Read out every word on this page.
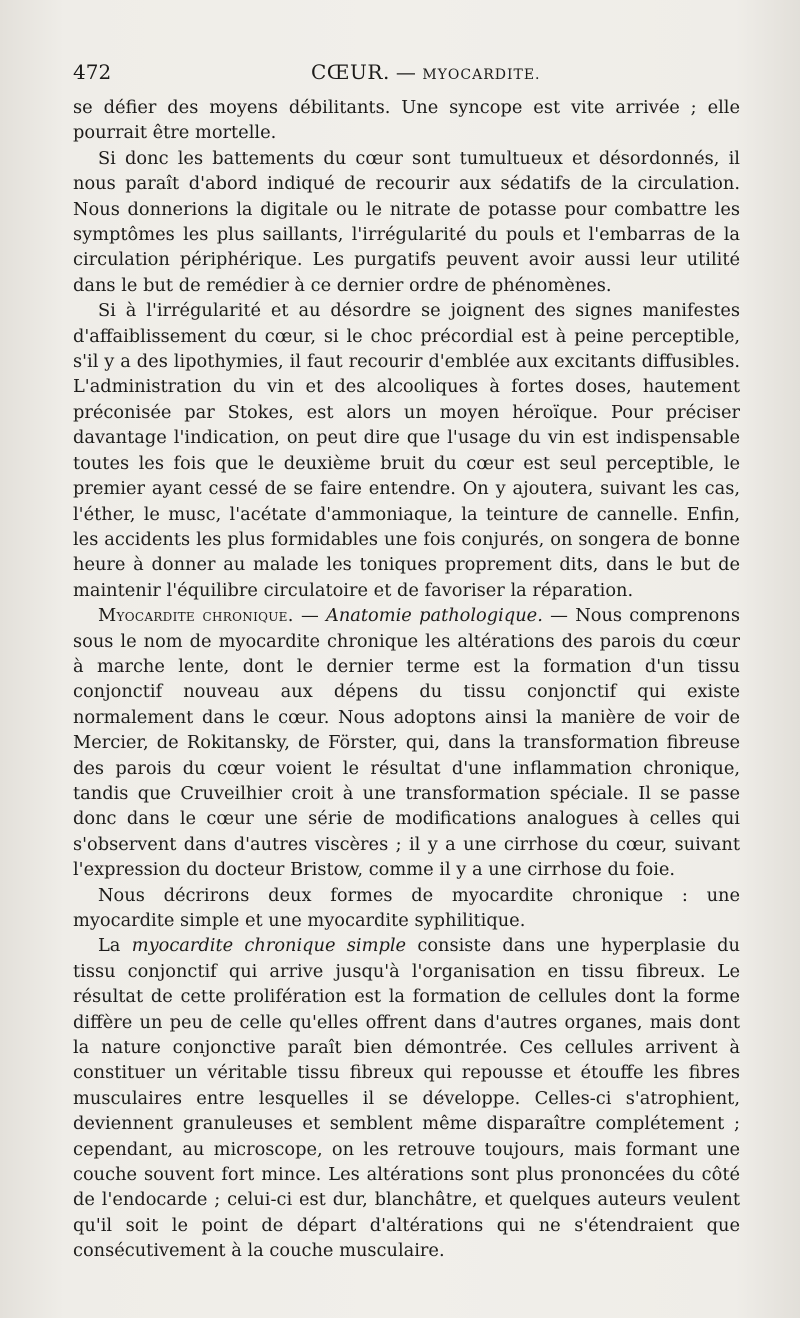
472	CŒUR. — MYOCARDITE.

se défier des moyens débilitants. Une syncope est vite arrivée ; elle pourrait être mortelle.

Si donc les battements du cœur sont tumultueux et désordonnés, il nous paraît d'abord indiqué de recourir aux sédatifs de la circulation. Nous donnerions la digitale ou le nitrate de potasse pour combattre les symptômes les plus saillants, l'irrégularité du pouls et l'embarras de la circulation périphérique. Les purgatifs peuvent avoir aussi leur utilité dans le but de remédier à ce dernier ordre de phénomènes.

Si à l'irrégularité et au désordre se joignent des signes manifestes d'affaiblissement du cœur, si le choc précordial est à peine perceptible, s'il y a des lipothymies, il faut recourir d'emblée aux excitants diffusibles. L'administration du vin et des alcooliques à fortes doses, hautement préconisée par Stokes, est alors un moyen héroïque. Pour préciser davantage l'indication, on peut dire que l'usage du vin est indispensable toutes les fois que le deuxième bruit du cœur est seul perceptible, le premier ayant cessé de se faire entendre. On y ajoutera, suivant les cas, l'éther, le musc, l'acétate d'ammoniaque, la teinture de cannelle. Enfin, les accidents les plus formidables une fois conjurés, on songera de bonne heure à donner au malade les toniques proprement dits, dans le but de maintenir l'équilibre circulatoire et de favoriser la réparation.

Myocardite chronique. — Anatomie pathologique. — Nous comprenons sous le nom de myocardite chronique les altérations des parois du cœur à marche lente, dont le dernier terme est la formation d'un tissu conjonctif nouveau aux dépens du tissu conjonctif qui existe normalement dans le cœur. Nous adoptons ainsi la manière de voir de Mercier, de Rokitansky, de Förster, qui, dans la transformation fibreuse des parois du cœur voient le résultat d'une inflammation chronique, tandis que Cruveilhier croit à une transformation spéciale. Il se passe donc dans le cœur une série de modifications analogues à celles qui s'observent dans d'autres viscères ; il y a une cirrhose du cœur, suivant l'expression du docteur Bristow, comme il y a une cirrhose du foie.

Nous décrirons deux formes de myocardite chronique : une myocardite simple et une myocardite syphilitique.

La myocardite chronique simple consiste dans une hyperplasie du tissu conjonctif qui arrive jusqu'à l'organisation en tissu fibreux. Le résultat de cette prolifération est la formation de cellules dont la forme diffère un peu de celle qu'elles offrent dans d'autres organes, mais dont la nature conjonctive paraît bien démontrée. Ces cellules arrivent à constituer un véritable tissu fibreux qui repousse et étouffe les fibres musculaires entre lesquelles il se développe. Celles-ci s'atrophient, deviennent granuleuses et semblent même disparaître complétement ; cependant, au microscope, on les retrouve toujours, mais formant une couche souvent fort mince. Les altérations sont plus prononcées du côté de l'endocarde ; celui-ci est dur, blanchâtre, et quelques auteurs veulent qu'il soit le point de départ d'altérations qui ne s'étendraient que consécutivement à la couche musculaire.
